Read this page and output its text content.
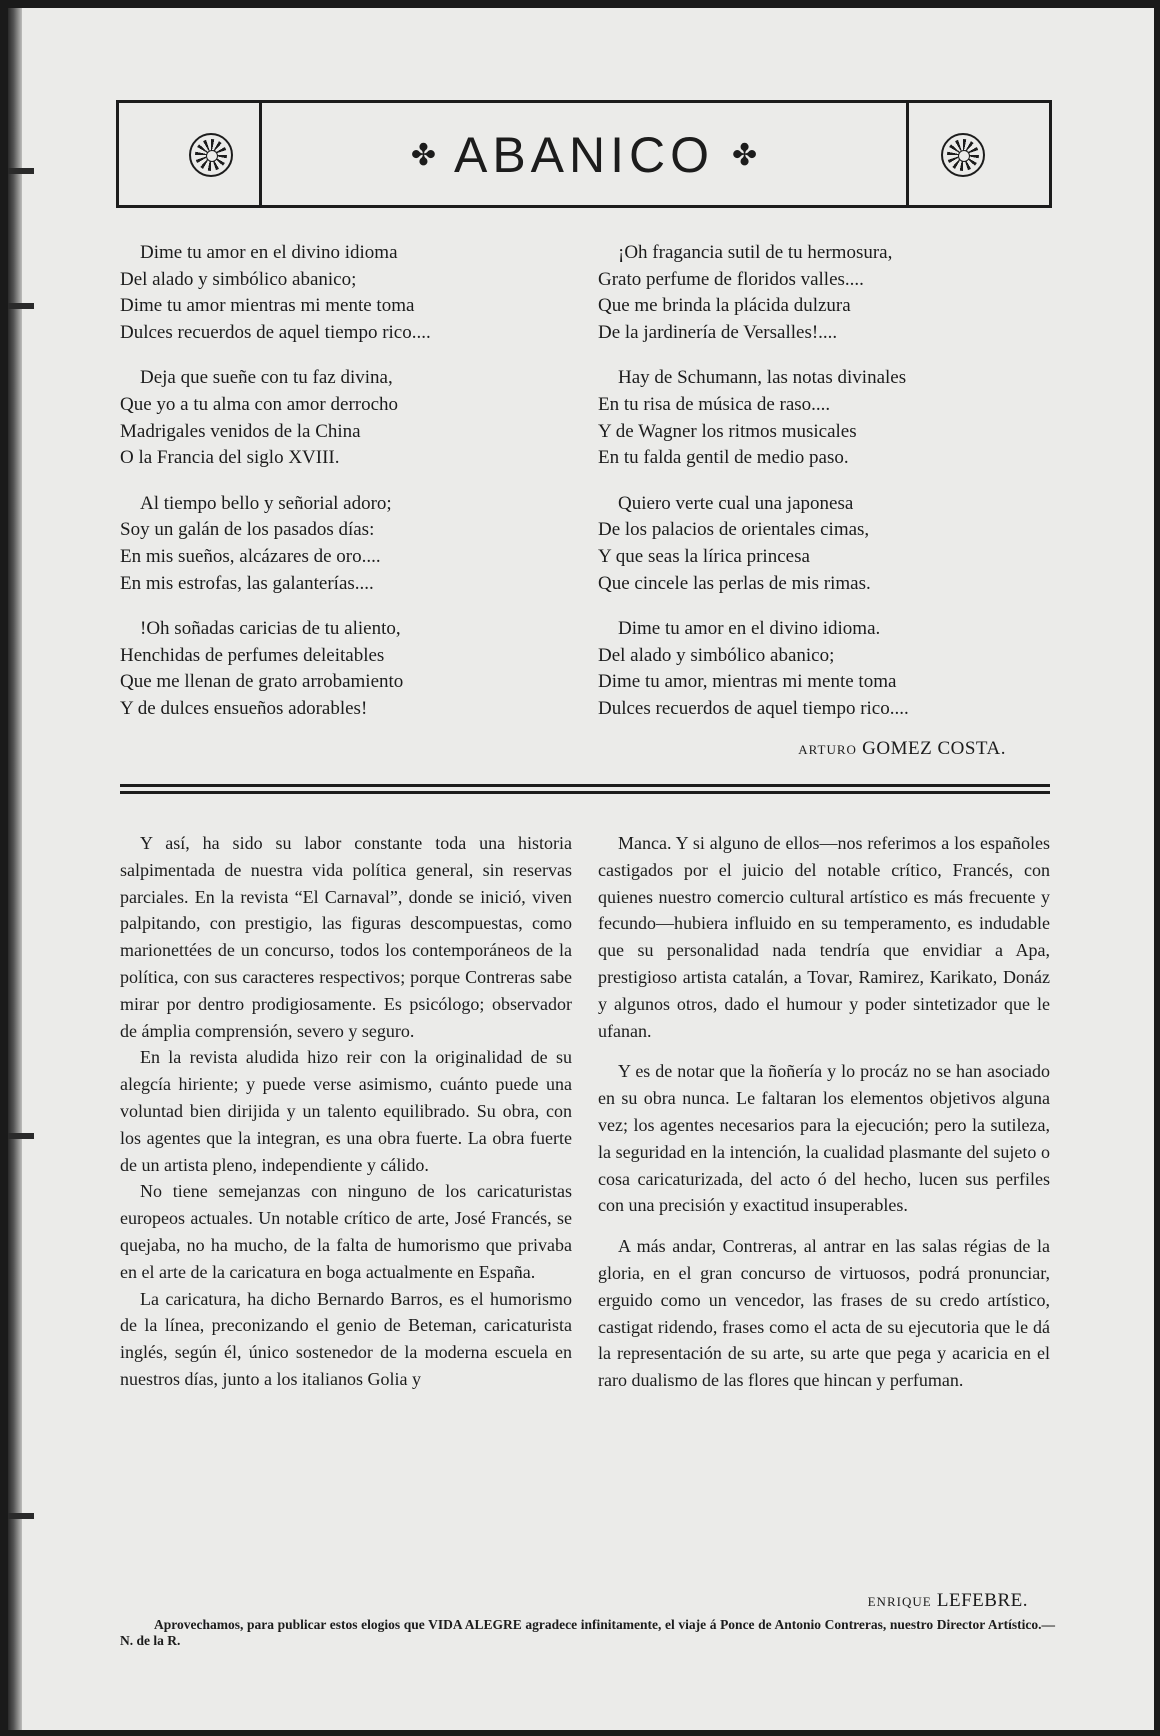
✤ ABANICO ✤
Dime tu amor en el divino idioma
Del alado y simbólico abanico;
Dime tu amor mientras mi mente toma
Dulces recuerdos de aquel tiempo rico....
Deja que sueñe con tu faz divina,
Que yo a tu alma con amor derrocho
Madrigales venidos de la China
O la Francia del siglo XVIII.
Al tiempo bello y señorial adoro;
Soy un galán de los pasados días:
En mis sueños, alcázares de oro....
En mis estrofas, las galanterías....
!Oh soñadas caricias de tu aliento,
Henchidas de perfumes deleitables
Que me llenan de grato arrobamiento
Y de dulces ensueños adorables!
¡Oh fragancia sutil de tu hermosura,
Grato perfume de floridos valles....
Que me brinda la plácida dulzura
De la jardinería de Versalles!....
Hay de Schumann, las notas divinales
En tu risa de música de raso....
Y de Wagner los ritmos musicales
En tu falda gentil de medio paso.
Quiero verte cual una japonesa
De los palacios de orientales cimas,
Y que seas la lírica princesa
Que cincele las perlas de mis rimas.
Dime tu amor en el divino idioma.
Del alado y simbólico abanico;
Dime tu amor, mientras mi mente toma
Dulces recuerdos de aquel tiempo rico....
ARTURO GOMEZ COSTA.

Y así, ha sido su labor constante toda una historia salpimentada de nuestra vida política general, sin reservas parciales. En la revista “El Carnaval”, donde se inició, viven palpitando, con prestigio, las figuras descompuestas, como marionettées de un concurso, todos los contemporáneos de la política, con sus caracteres respectivos; porque Contreras sabe mirar por dentro prodigiosamente. Es psicólogo; observador de ámplia comprensión, severo y seguro.

En la revista aludida hizo reir con la originalidad de su alegcía hiriente; y puede verse asimismo, cuánto puede una voluntad bien dirijida y un talento equilibrado. Su obra, con los agentes que la integran, es una obra fuerte. La obra fuerte de un artista pleno, independiente y cálido.

No tiene semejanzas con ninguno de los caricaturistas europeos actuales. Un notable crítico de arte, José Francés, se quejaba, no ha mucho, de la falta de humorismo que privaba en el arte de la caricatura en boga actualmente en España.

La caricatura, ha dicho Bernardo Barros, es el humorismo de la línea, preconizando el genio de Beteman, caricaturista inglés, según él, único sostenedor de la moderna escuela en nuestros días, junto a los italianos Golia y

Manca. Y si alguno de ellos—nos referimos a los españoles castigados por el juicio del notable crítico, Francés, con quienes nuestro comercio cultural artístico es más frecuente y fecundo—hubiera influido en su temperamento, es indudable que su personalidad nada tendría que envidiar a Apa, prestigioso artista catalán, a Tovar, Ramirez, Karikato, Donáz y algunos otros, dado el humour y poder sintetizador que le ufanan.

Y es de notar que la ñoñería y lo procáz no se han asociado en su obra nunca. Le faltaran los elementos objetivos alguna vez; los agentes necesarios para la ejecución; pero la sutileza, la seguridad en la intención, la cualidad plasmante del sujeto o cosa caricaturizada, del acto ó del hecho, lucen sus perfiles con una precisión y exactitud insuperables.

A más andar, Contreras, al antrar en las salas régias de la gloria, en el gran concurso de virtuosos, podrá pronunciar, erguido como un vencedor, las frases de su credo artístico, castigat ridendo, frases como el acta de su ejecutoria que le dá la representación de su arte, su arte que pega y acaricia en el raro dualismo de las flores que hincan y perfuman.

ENRIQUE LEFEBRE.
Aprovechamos, para publicar estos elogios que VIDA ALEGRE agradece infinitamente, el viaje á Ponce de Antonio Contreras, nuestro Director Artístico.—N. de la R.
